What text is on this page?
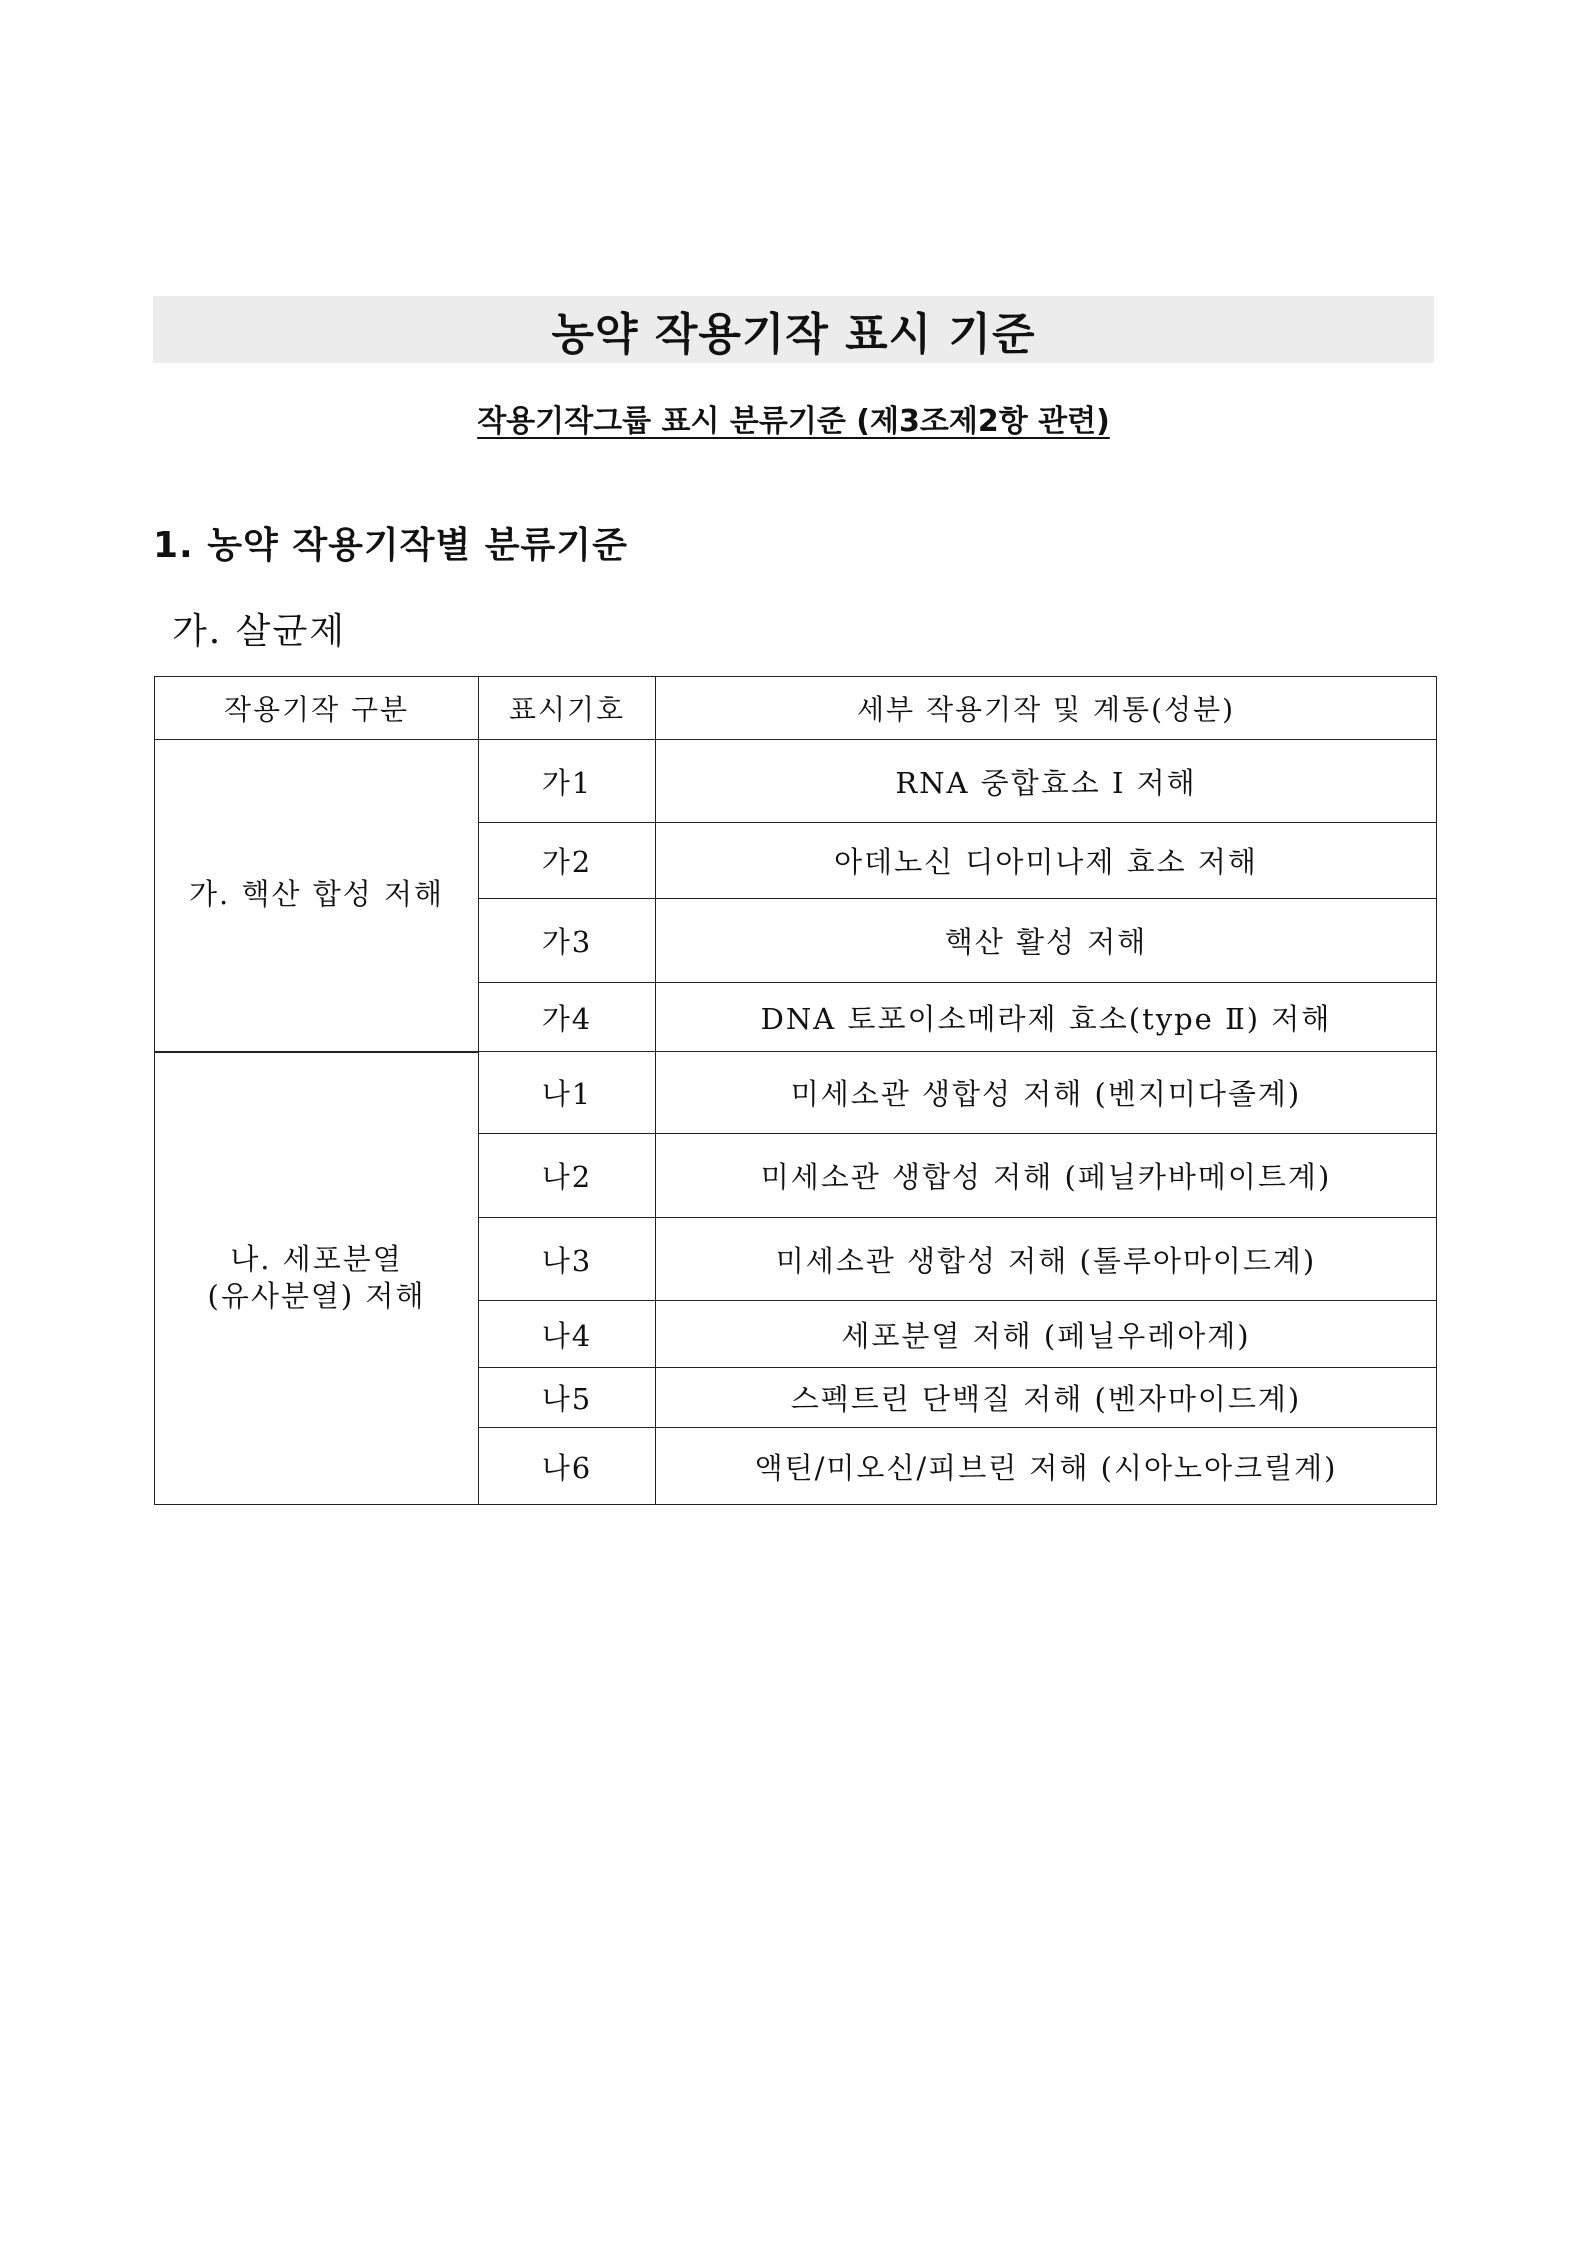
농약 작용기작 표시 기준
작용기작그룹 표시 분류기준 (제3조제2항 관련)
1. 농약 작용기작별 분류기준
가. 살균제
작용기작 구분	표시기호	세부 작용기작 및 계통(성분)

가. 핵산 합성 저해	가1	RNA 중합효소 Ⅰ 저해
	가2	아데노신 디아미나제 효소 저해
	가3	핵산 활성 저해
	가4	DNA 토포이소메라제 효소(type Ⅱ) 저해

나. 세포분열
(유사분열) 저해	나1	미세소관 생합성 저해 (벤지미다졸계)
	나2	미세소관 생합성 저해 (페닐카바메이트계)
	나3	미세소관 생합성 저해 (톨루아마이드계)
	나4	세포분열 저해 (페닐우레아계)
	나5	스펙트린 단백질 저해 (벤자마이드계)
	나6	액틴/미오신/피브린 저해 (시아노아크릴계)
